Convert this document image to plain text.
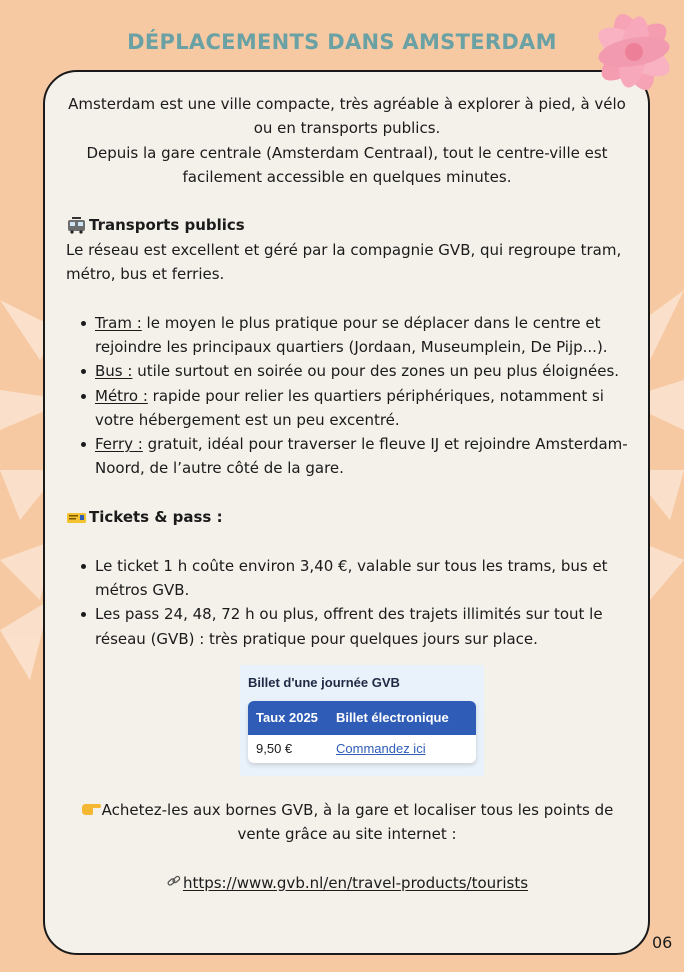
DÉPLACEMENTS DANS AMSTERDAM

Amsterdam est une ville compacte, très agréable à explorer à pied, à vélo ou en transports publics.

Depuis la gare centrale (Amsterdam Centraal), tout le centre-ville est facilement accessible en quelques minutes.

Transports publics

Le réseau est excellent et géré par la compagnie GVB, qui regroupe tram, métro, bus et ferries.

Tram : le moyen le plus pratique pour se déplacer dans le centre et rejoindre les principaux quartiers (Jordaan, Museumplein, De Pijp...).
Bus : utile surtout en soirée ou pour des zones un peu plus éloignées.
Métro : rapide pour relier les quartiers périphériques, notamment si votre hébergement est un peu excentré.
Ferry : gratuit, idéal pour traverser le fleuve IJ et rejoindre Amsterdam-Noord, de l’autre côté de la gare.
Tickets & pass :
Le ticket 1 h coûte environ 3,40 €, valable sur tous les trams, bus et métros GVB.
Les pass 24, 48, 72 h ou plus, offrent des trajets illimités sur tout le réseau (GVB) : très pratique pour quelques jours sur place.
Billet d'une journée GVB
Taux 2025	Billet électronique
9,50 €	Commandez ici

Achetez-les aux bornes GVB, à la gare et localiser tous les points de vente grâce au site internet :

https://www.gvb.nl/en/travel-products/tourists

06
